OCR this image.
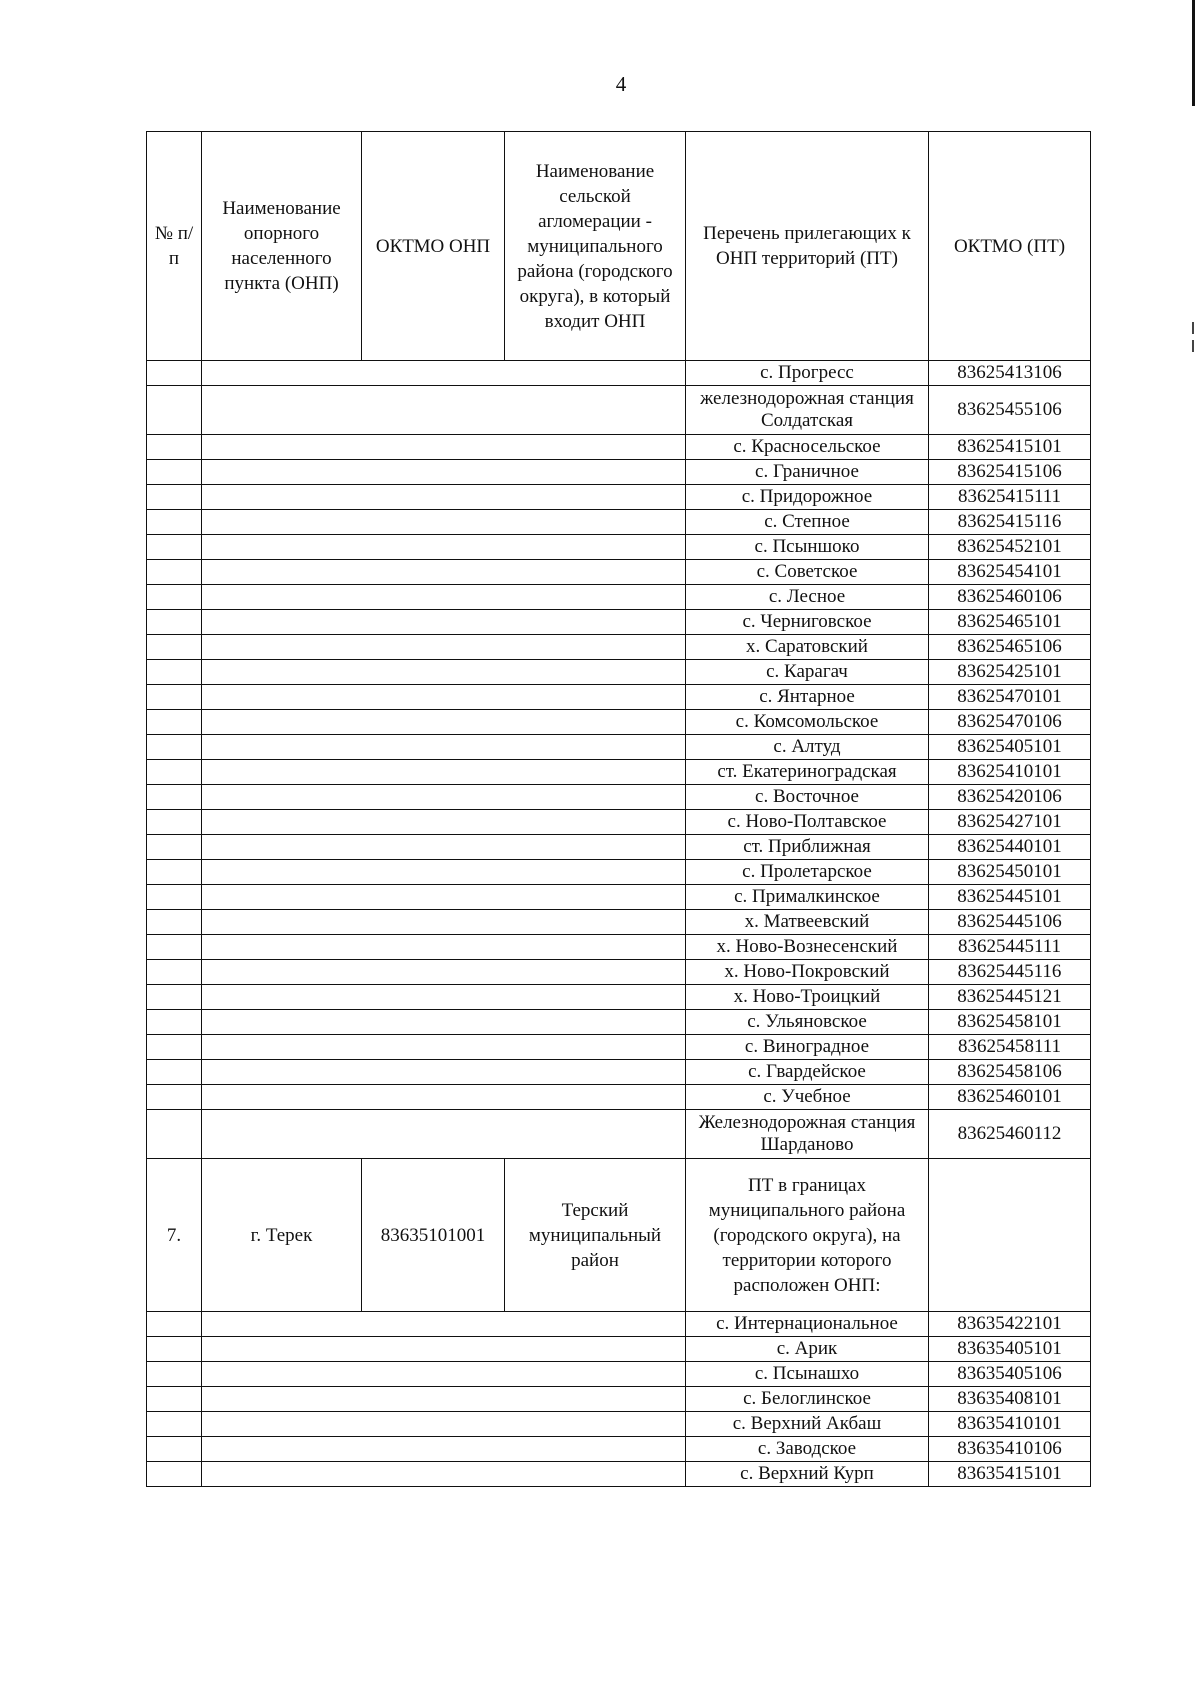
4
№ п/п	Наименование опорного населенного пункта (ОНП)	ОКТМО ОНП	Наименование сельской агломерации - муниципального района (городского округа), в который входит ОНП	Перечень прилегающих к ОНП территорий (ПТ)	ОКТМО (ПТ)
				с. Прогресс	83625413106
				железнодорожная станция Солдатская	83625455106
				с. Красносельское	83625415101
				с. Граничное	83625415106
				с. Придорожное	83625415111
				с. Степное	83625415116
				с. Псыншоко	83625452101
				с. Советское	83625454101
				с. Лесное	83625460106
				с. Черниговское	83625465101
				х. Саратовский	83625465106
				с. Карагач	83625425101
				с. Янтарное	83625470101
				с. Комсомольское	83625470106
				с. Алтуд	83625405101
				ст. Екатериноградская	83625410101
				с. Восточное	83625420106
				с. Ново-Полтавское	83625427101
				ст. Приближная	83625440101
				с. Пролетарское	83625450101
				с. Прималкинское	83625445101
				х. Матвеевский	83625445106
				х. Ново-Вознесенский	83625445111
				х. Ново-Покровский	83625445116
				х. Ново-Троицкий	83625445121
				с. Ульяновское	83625458101
				с. Виноградное	83625458111
				с. Гвардейское	83625458106
				с. Учебное	83625460101
				Железнодорожная станция Шарданово	83625460112
7.	г. Терек	83635101001	Терский муниципальный район	ПТ в границах муниципального района (городского округа), на территории которого расположен ОНП:	
				с. Интернациональное	83635422101
				с. Арик	83635405101
				с. Псынашхо	83635405106
				с. Белоглинское	83635408101
				с. Верхний Акбаш	83635410101
				с. Заводское	83635410106
				с. Верхний Курп	83635415101
